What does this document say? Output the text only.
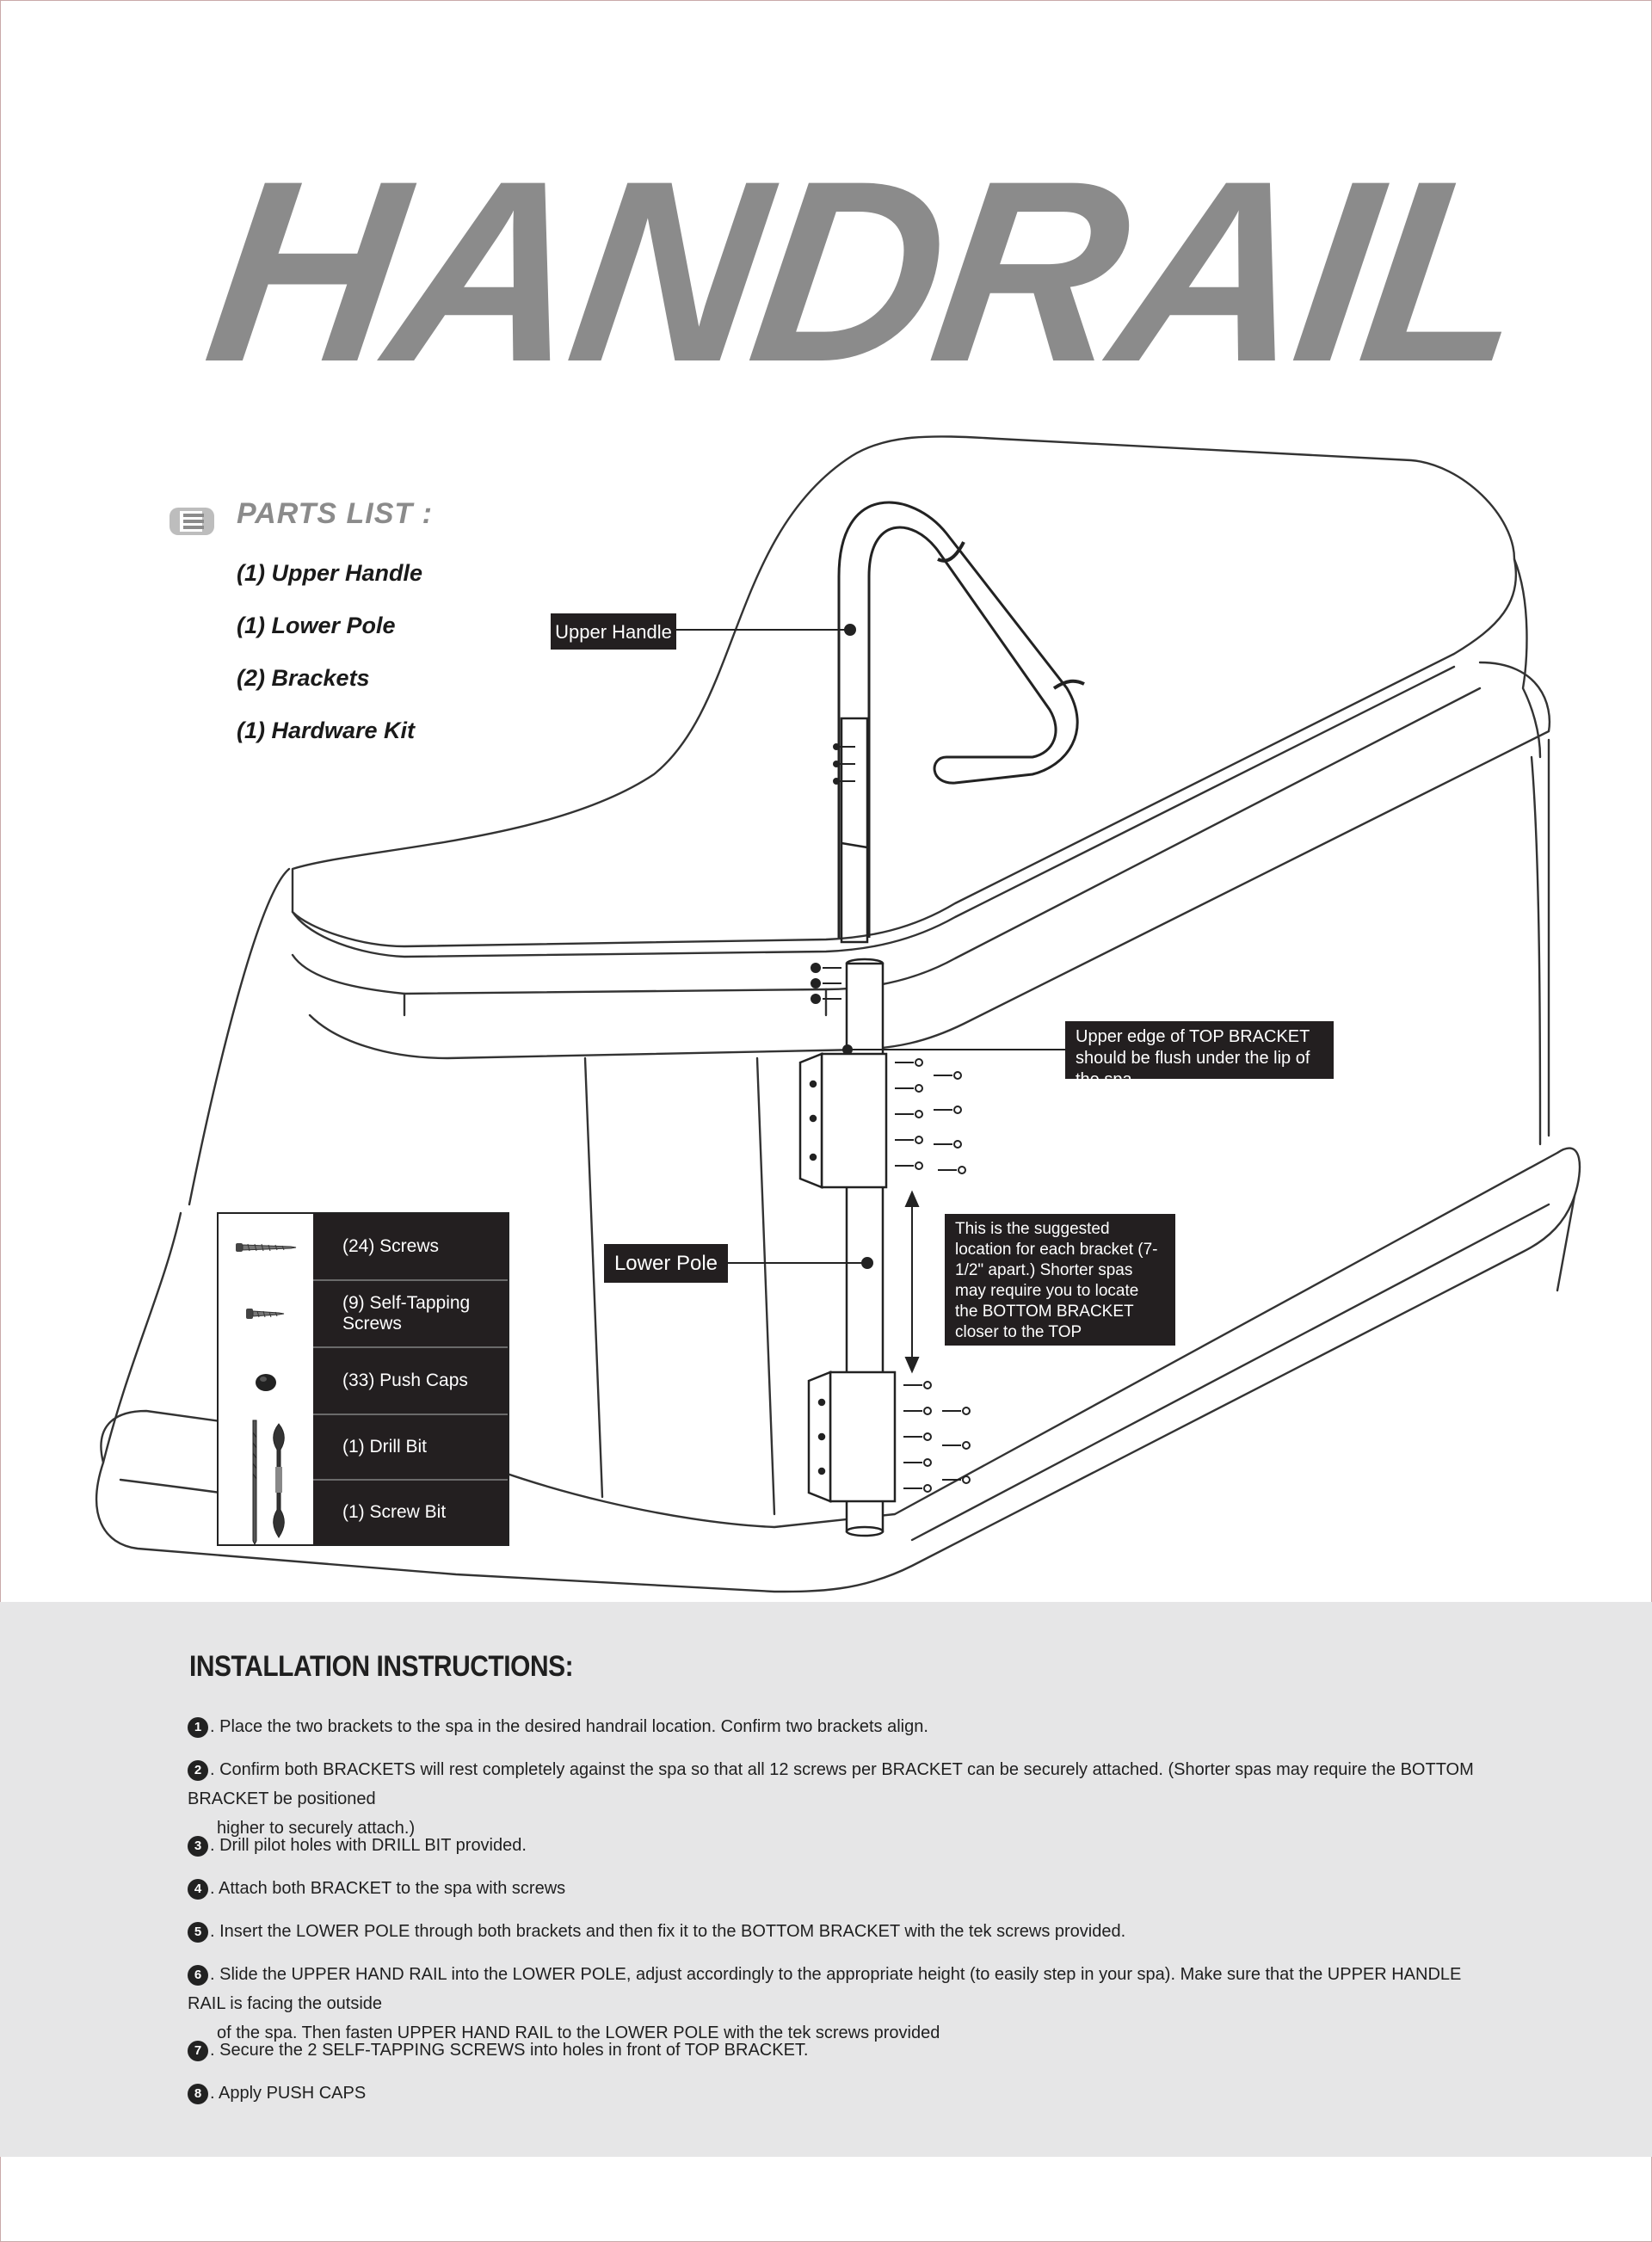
HANDRAIL
PARTS LIST :
(1) Upper Handle
(1) Lower Pole
(2) Brackets
(1) Hardware Kit
Upper Handle
Lower Pole
Upper edge of TOP BRACKET should be flush under the lip of the spa.
This is the suggested location for each bracket (7-1/2" apart.) Shorter spas may require you to locate the BOTTOM BRACKET closer to the TOP BRACKET.
(24) Screws
(9) Self-Tapping Screws
(33) Push Caps
(1) Drill Bit
(1) Screw Bit
INSTALLATION INSTRUCTIONS:
1 . Place the two brackets to the spa in the desired handrail location. Confirm two brackets align.
2 . Confirm both BRACKETS will rest completely against the spa so that all 12 screws per BRACKET can be securely attached. (Shorter spas may require the BOTTOM BRACKET be positioned
higher to securely attach.)
3 . Drill pilot holes with DRILL BIT provided.
4 . Attach both BRACKET to the spa with screws
5 . Insert the LOWER POLE through both brackets and then fix it to the BOTTOM BRACKET with the tek screws provided.
6 . Slide the UPPER HAND RAIL into the LOWER POLE, adjust accordingly to the appropriate height (to easily step in your spa). Make sure that the UPPER HANDLE RAIL is facing the outside
of the spa. Then fasten UPPER HAND RAIL to the LOWER POLE with the tek screws provided
7 . Secure the 2 SELF-TAPPING SCREWS into holes in front of TOP BRACKET.
8 . Apply PUSH CAPS
